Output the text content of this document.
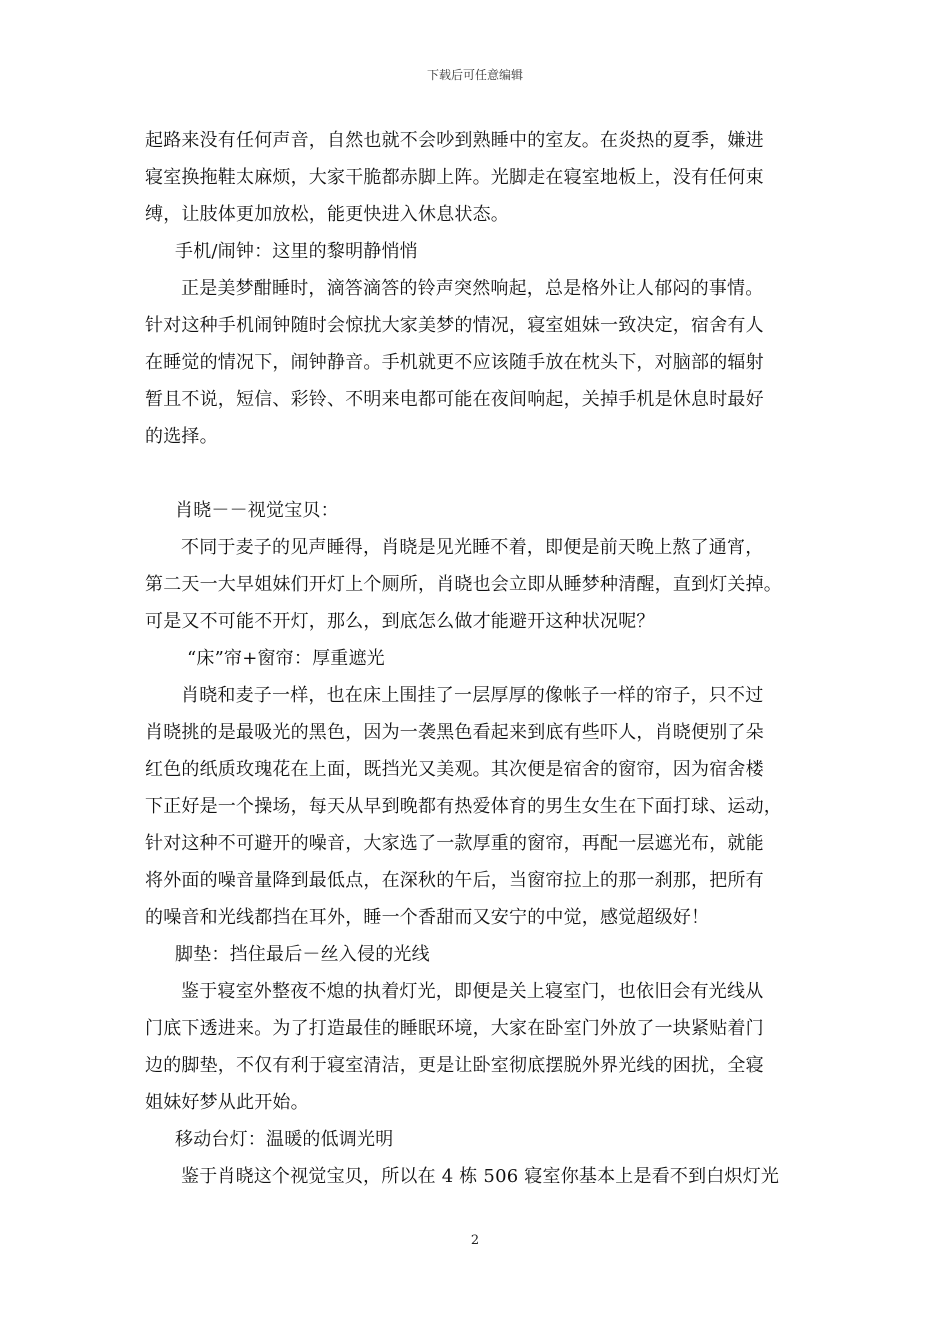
下载后可任意编辑
起路来没有任何声音，自然也就不会吵到熟睡中的室友。在炎热的夏季，嫌进
寝室换拖鞋太麻烦，大家干脆都赤脚上阵。光脚走在寝室地板上，没有任何束
缚，让肢体更加放松，能更快进入休息状态。
手机/闹钟：这里的黎明静悄悄
正是美梦酣睡时，滴答滴答的铃声突然响起，总是格外让人郁闷的事情。
针对这种手机闹钟随时会惊扰大家美梦的情况，寝室姐妹一致决定，宿舍有人
在睡觉的情况下，闹钟静音。手机就更不应该随手放在枕头下，对脑部的辐射
暂且不说，短信、彩铃、不明来电都可能在夜间响起，关掉手机是休息时最好
的选择。
肖晓－－视觉宝贝：
不同于麦子的见声睡得，肖晓是见光睡不着，即便是前天晚上熬了通宵，
第二天一大早姐妹们开灯上个厕所，肖晓也会立即从睡梦种清醒，直到灯关掉。
可是又不可能不开灯，那么，到底怎么做才能避开这种状况呢？
“床”帘+窗帘：厚重遮光
肖晓和麦子一样，也在床上围挂了一层厚厚的像帐子一样的帘子，只不过
肖晓挑的是最吸光的黑色，因为一袭黑色看起来到底有些吓人，肖晓便别了朵
红色的纸质玫瑰花在上面，既挡光又美观。其次便是宿舍的窗帘，因为宿舍楼
下正好是一个操场，每天从早到晚都有热爱体育的男生女生在下面打球、运动，
针对这种不可避开的噪音，大家选了一款厚重的窗帘，再配一层遮光布，就能
将外面的噪音量降到最低点，在深秋的午后，当窗帘拉上的那一刹那，把所有
的噪音和光线都挡在耳外，睡一个香甜而又安宁的中觉，感觉超级好！
脚垫：挡住最后－丝入侵的光线
鉴于寝室外整夜不熄的执着灯光，即便是关上寝室门，也依旧会有光线从
门底下透进来。为了打造最佳的睡眠环境，大家在卧室门外放了一块紧贴着门
边的脚垫，不仅有利于寝室清洁，更是让卧室彻底摆脱外界光线的困扰，全寝
姐妹好梦从此开始。
移动台灯：温暖的低调光明
鉴于肖晓这个视觉宝贝，所以在 4 栋 506 寝室你基本上是看不到白炽灯光
2
